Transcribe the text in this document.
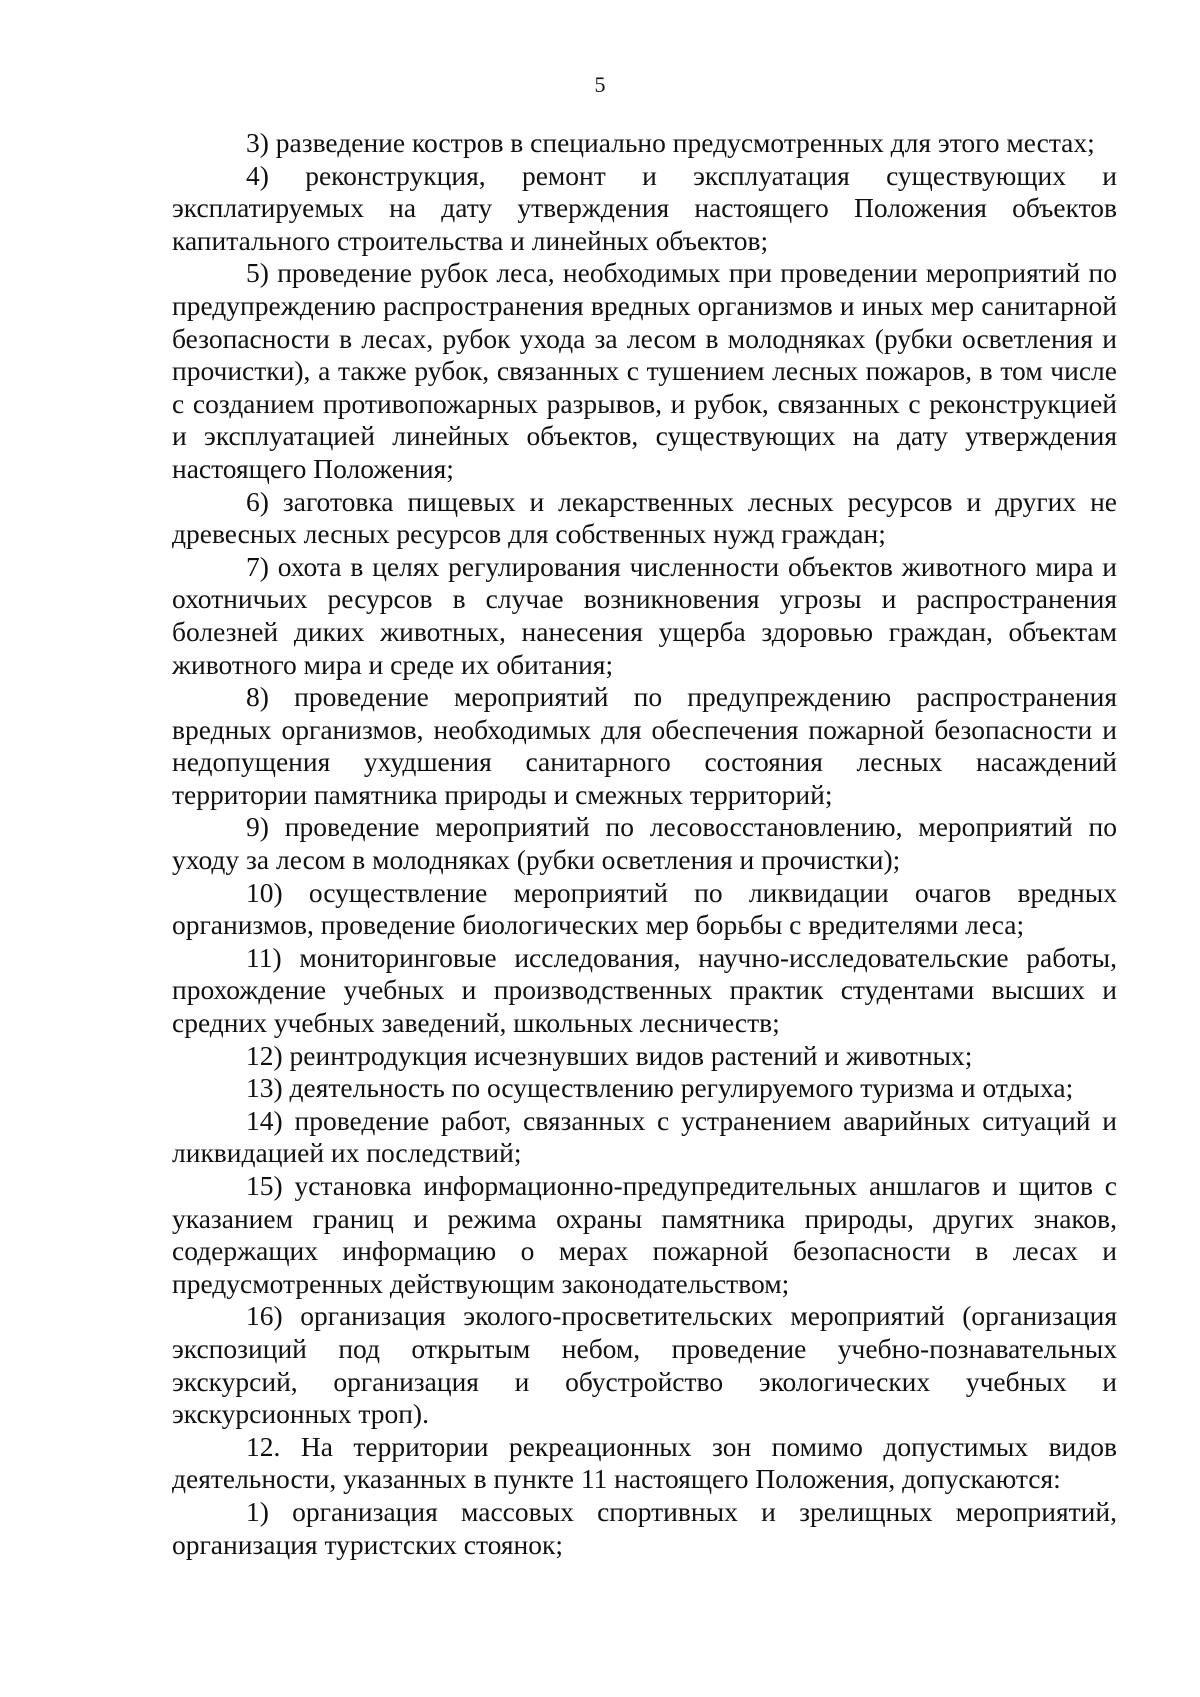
5

3) разведение костров в специально предусмотренных для этого местах;

4) реконструкция, ремонт и эксплуатация существующих и эксплатируемых на дату утверждения настоящего Положения объектов капитального строительства и линейных объектов;

5) проведение рубок леса, необходимых при проведении мероприятий по предупреждению распространения вредных организмов и иных мер санитарной безопасности в лесах, рубок ухода за лесом в молодняках (рубки осветления и прочистки), а также рубок, связанных с тушением лесных пожаров, в том числе с созданием противопожарных разрывов, и рубок, связанных с реконструкцией и эксплуатацией линейных объектов, существующих на дату утверждения настоящего Положения;

6) заготовка пищевых и лекарственных лесных ресурсов и других не древесных лесных ресурсов для собственных нужд граждан;

7) охота в целях регулирования численности объектов животного мира и охотничьих ресурсов в случае возникновения угрозы и распространения болезней диких животных, нанесения ущерба здоровью граждан, объектам животного мира и среде их обитания;

8) проведение мероприятий по предупреждению распространения вредных организмов, необходимых для обеспечения пожарной безопасности и недопущения ухудшения санитарного состояния лесных насаждений территории памятника природы и смежных территорий;

9) проведение мероприятий по лесовосстановлению, мероприятий по уходу за лесом в молодняках (рубки осветления и прочистки);

10) осуществление мероприятий по ликвидации очагов вредных организмов, проведение биологических мер борьбы с вредителями леса;

11) мониторинговые исследования, научно-исследовательские работы, прохождение учебных и производственных практик студентами высших и средних учебных заведений, школьных лесничеств;

12) реинтродукция исчезнувших видов растений и животных;

13) деятельность по осуществлению регулируемого туризма и отдыха;

14) проведение работ, связанных с устранением аварийных ситуаций и ликвидацией их последствий;

15) установка информационно-предупредительных аншлагов и щитов с указанием границ и режима охраны памятника природы, других знаков, содержащих информацию о мерах пожарной безопасности в лесах и предусмотренных действующим законодательством;

16) организация эколого-просветительских мероприятий (организация экспозиций под открытым небом, проведение учебно-познавательных экскурсий, организация и обустройство экологических учебных и экскурсионных троп).

12. На территории рекреационных зон помимо допустимых видов деятельности, указанных в пункте 11 настоящего Положения, допускаются:

1) организация массовых спортивных и зрелищных мероприятий, организация туристских стоянок;
